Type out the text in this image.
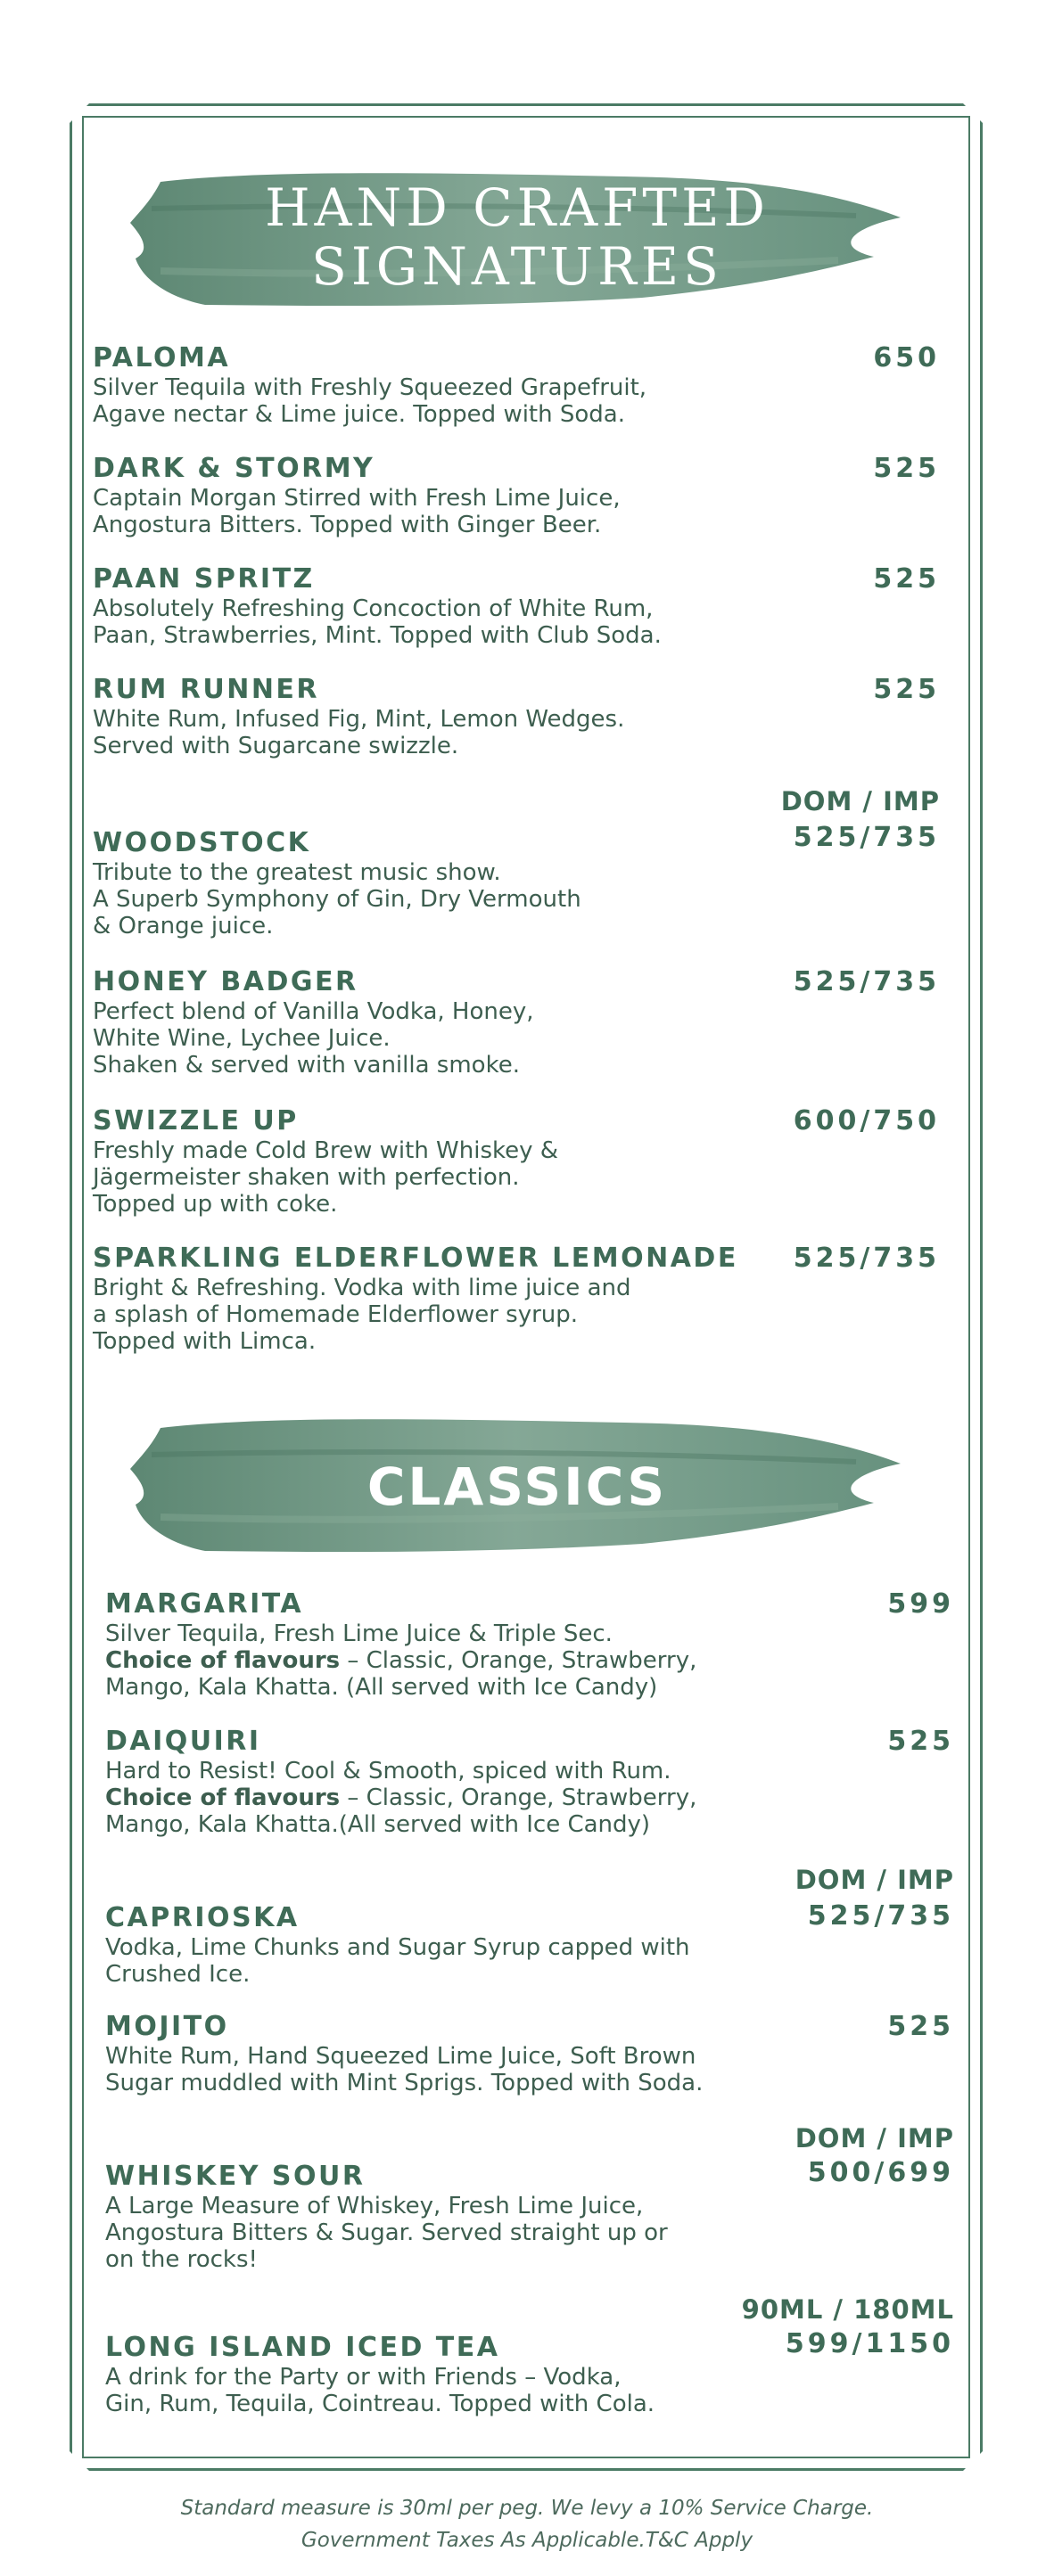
HAND CRAFTED
SIGNATURES
PALOMA
Silver Tequila with Freshly Squeezed Grapefruit,
Agave nectar & Lime juice. Topped with Soda.
650
DARK & STORMY
Captain Morgan Stirred with Fresh Lime Juice,
Angostura Bitters. Topped with Ginger Beer.
525
PAAN SPRITZ
Absolutely Refreshing Concoction of White Rum,
Paan, Strawberries, Mint. Topped with Club Soda.
525
RUM RUNNER
White Rum, Infused Fig, Mint, Lemon Wedges.
Served with Sugarcane swizzle.
525
DOM / IMP
WOODSTOCK
Tribute to the greatest music show.
A Superb Symphony of Gin, Dry Vermouth
& Orange juice.
525/735
HONEY BADGER
Perfect blend of Vanilla Vodka, Honey,
White Wine, Lychee Juice.
Shaken & served with vanilla smoke.
525/735
SWIZZLE UP
Freshly made Cold Brew with Whiskey &
Jägermeister shaken with perfection.
Topped up with coke.
600/750
SPARKLING ELDERFLOWER LEMONADE
Bright & Refreshing. Vodka with lime juice and
a splash of Homemade Elderflower syrup.
Topped with Limca.
525/735
CLASSICS
MARGARITA
Silver Tequila, Fresh Lime Juice & Triple Sec.
Choice of flavours – Classic, Orange, Strawberry,
Mango, Kala Khatta. (All served with Ice Candy)
599
DAIQUIRI
Hard to Resist! Cool & Smooth, spiced with Rum.
Choice of flavours – Classic, Orange, Strawberry,
Mango, Kala Khatta.(All served with Ice Candy)
525
DOM / IMP
CAPRIOSKA
Vodka, Lime Chunks and Sugar Syrup capped with
Crushed Ice.
525/735
MOJITO
White Rum, Hand Squeezed Lime Juice, Soft Brown
Sugar muddled with Mint Sprigs. Topped with Soda.
525
DOM / IMP
WHISKEY SOUR
A Large Measure of Whiskey, Fresh Lime Juice,
Angostura Bitters & Sugar. Served straight up or
on the rocks!
500/699
90ML / 180ML
LONG ISLAND ICED TEA
A drink for the Party or with Friends – Vodka,
Gin, Rum, Tequila, Cointreau. Topped with Cola.
599/1150
Standard measure is 30ml per peg. We levy a 10% Service Charge.
Government Taxes As Applicable.T&C Apply
